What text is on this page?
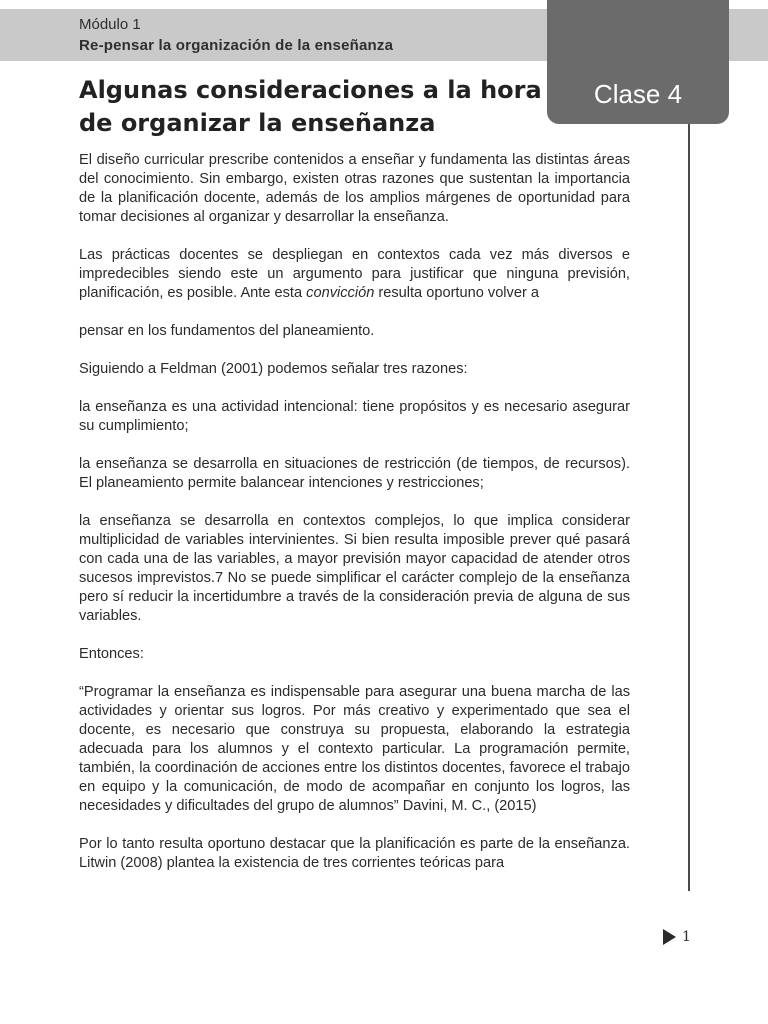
Módulo 1
Re-pensar la organización de la enseñanza
Clase 4
Algunas consideraciones a la hora de organizar la enseñanza

El diseño curricular prescribe contenidos a enseñar y fundamenta las distintas áreas del conocimiento. Sin embargo, existen otras razones que sustentan la importancia de la planificación docente, además de los amplios márgenes de oportunidad para tomar decisiones al organizar y desarrollar la enseñanza.

Las prácticas docentes se despliegan en contextos cada vez más diversos e impredecibles siendo este un argumento para justificar que ninguna previsión, planificación, es posible. Ante esta convicción resulta oportuno volver a

pensar en los fundamentos del planeamiento.

Siguiendo a Feldman (2001) podemos señalar tres razones:

la enseñanza es una actividad intencional: tiene propósitos y es necesario asegurar su cumplimiento;

la enseñanza se desarrolla en situaciones de restricción (de tiempos, de recursos). El planeamiento permite balancear intenciones y restricciones;

la enseñanza se desarrolla en contextos complejos, lo que implica considerar multiplicidad de variables intervinientes. Si bien resulta imposible prever qué pasará con cada una de las variables, a mayor previsión mayor capacidad de atender otros sucesos imprevistos.7 No se puede simplificar el carácter complejo de la enseñanza pero sí reducir la incertidumbre a través de la consideración previa de alguna de sus variables.

Entonces:

“Programar la enseñanza es indispensable para asegurar una buena marcha de las actividades y orientar sus logros. Por más creativo y experimentado que sea el docente, es necesario que construya su propuesta, elaborando la estrategia adecuada para los alumnos y el contexto particular. La programación permite, también, la coordinación de acciones entre los distintos docentes, favorece el trabajo en equipo y la comunicación, de modo de acompañar en conjunto los logros, las necesidades y dificultades del grupo de alumnos” Davini, M. C., (2015)

Por lo tanto resulta oportuno destacar que la planificación es parte de la enseñanza. Litwin (2008) plantea la existencia de tres corrientes teóricas para

1
